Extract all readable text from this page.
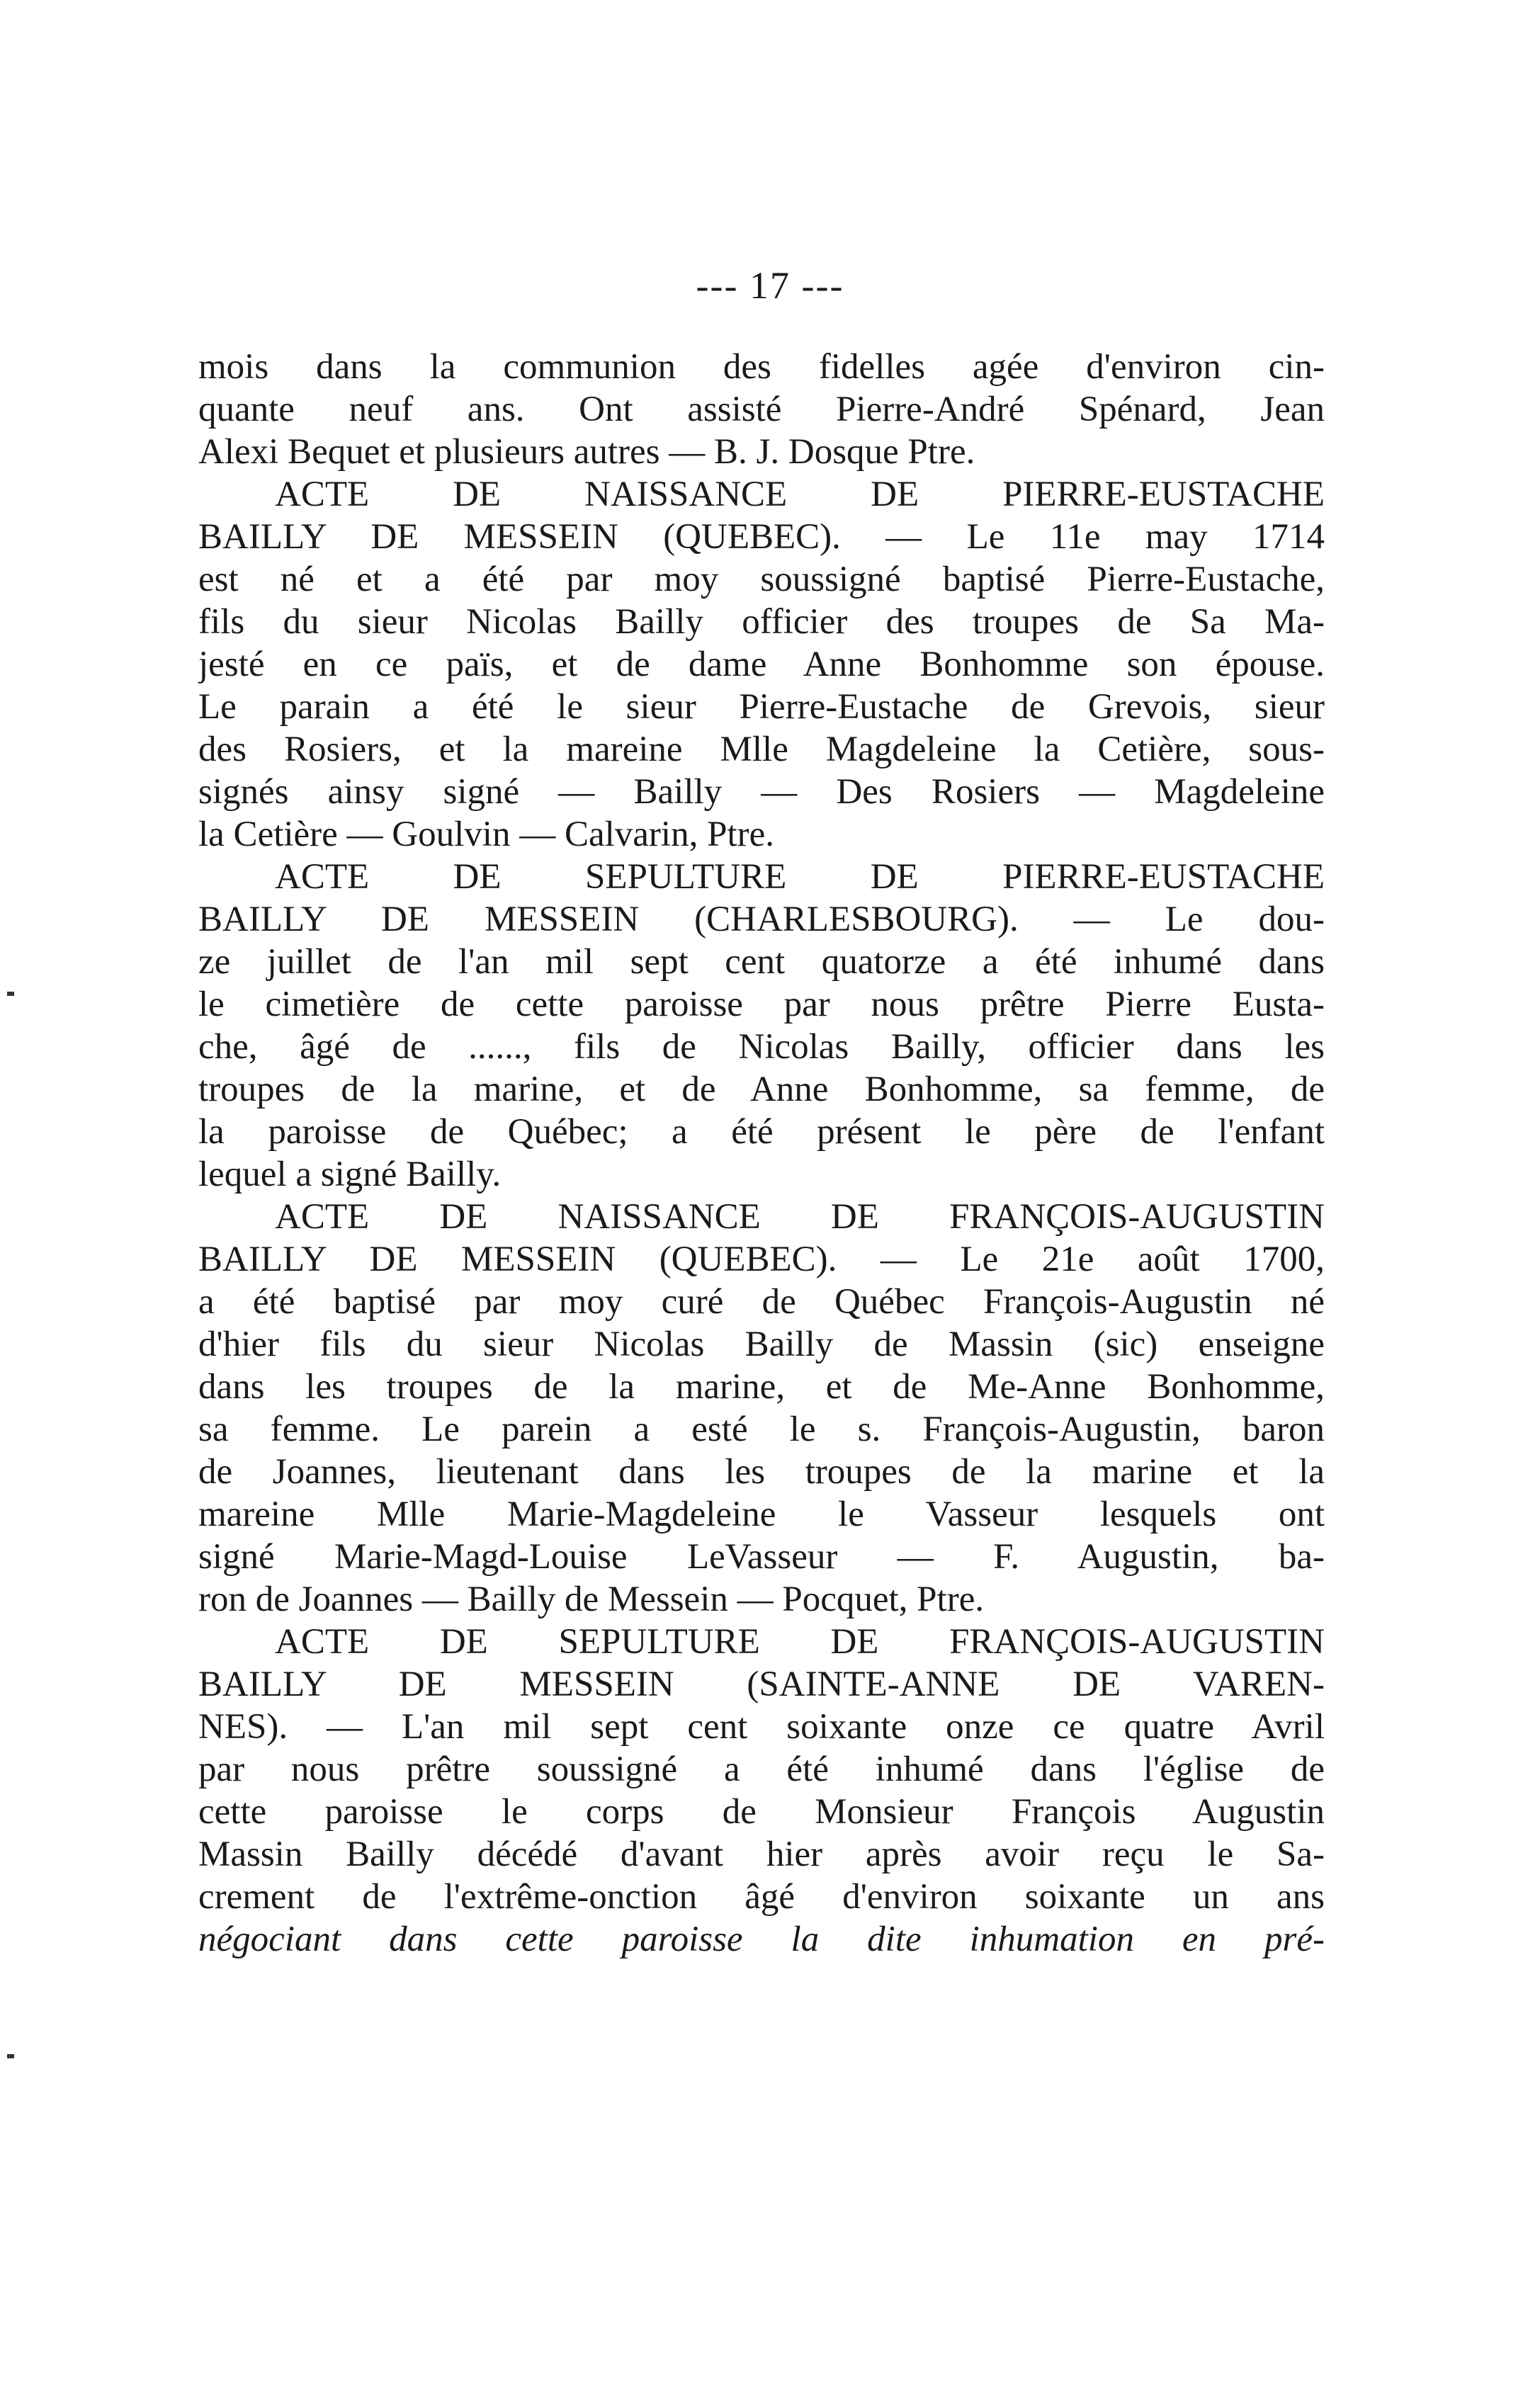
--- 17 ---
mois dans la communion des fidelles agée d'environ cin-
quante neuf ans. Ont assisté Pierre-André Spénard, Jean
Alexi Bequet et plusieurs autres — B. J. Dosque Ptre.
ACTE DE NAISSANCE DE PIERRE-EUSTACHE
BAILLY DE MESSEIN (QUEBEC). — Le 11e may 1714
est né et a été par moy soussigné baptisé Pierre-Eustache,
fils du sieur Nicolas Bailly officier des troupes de Sa Ma-
jesté en ce païs, et de dame Anne Bonhomme son épouse.
Le parain a été le sieur Pierre-Eustache de Grevois, sieur
des Rosiers, et la mareine Mlle Magdeleine la Cetière, sous-
signés ainsy signé — Bailly — Des Rosiers — Magdeleine
la Cetière — Goulvin — Calvarin, Ptre.
ACTE DE SEPULTURE DE PIERRE-EUSTACHE
BAILLY DE MESSEIN (CHARLESBOURG). — Le dou-
ze juillet de l'an mil sept cent quatorze a été inhumé dans
le cimetière de cette paroisse par nous prêtre Pierre Eusta-
che, âgé de ......, fils de Nicolas Bailly, officier dans les
troupes de la marine, et de Anne Bonhomme, sa femme, de
la paroisse de Québec; a été présent le père de l'enfant
lequel a signé Bailly.
ACTE DE NAISSANCE DE FRANÇOIS-AUGUSTIN
BAILLY DE MESSEIN (QUEBEC). — Le 21e août 1700,
a été baptisé par moy curé de Québec François-Augustin né
d'hier fils du sieur Nicolas Bailly de Massin (sic) enseigne
dans les troupes de la marine, et de Me-Anne Bonhomme,
sa femme. Le parein a esté le s. François-Augustin, baron
de Joannes, lieutenant dans les troupes de la marine et la
mareine Mlle Marie-Magdeleine le Vasseur lesquels ont
signé Marie-Magd-Louise LeVasseur — F. Augustin, ba-
ron de Joannes — Bailly de Messein — Pocquet, Ptre.
ACTE DE SEPULTURE DE FRANÇOIS-AUGUSTIN
BAILLY DE MESSEIN (SAINTE-ANNE DE VAREN-
NES). — L'an mil sept cent soixante onze ce quatre Avril
par nous prêtre soussigné a été inhumé dans l'église de
cette paroisse le corps de Monsieur François Augustin
Massin Bailly décédé d'avant hier après avoir reçu le Sa-
crement de l'extrême-onction âgé d'environ soixante un ans
négociant dans cette paroisse la dite inhumation en pré-
